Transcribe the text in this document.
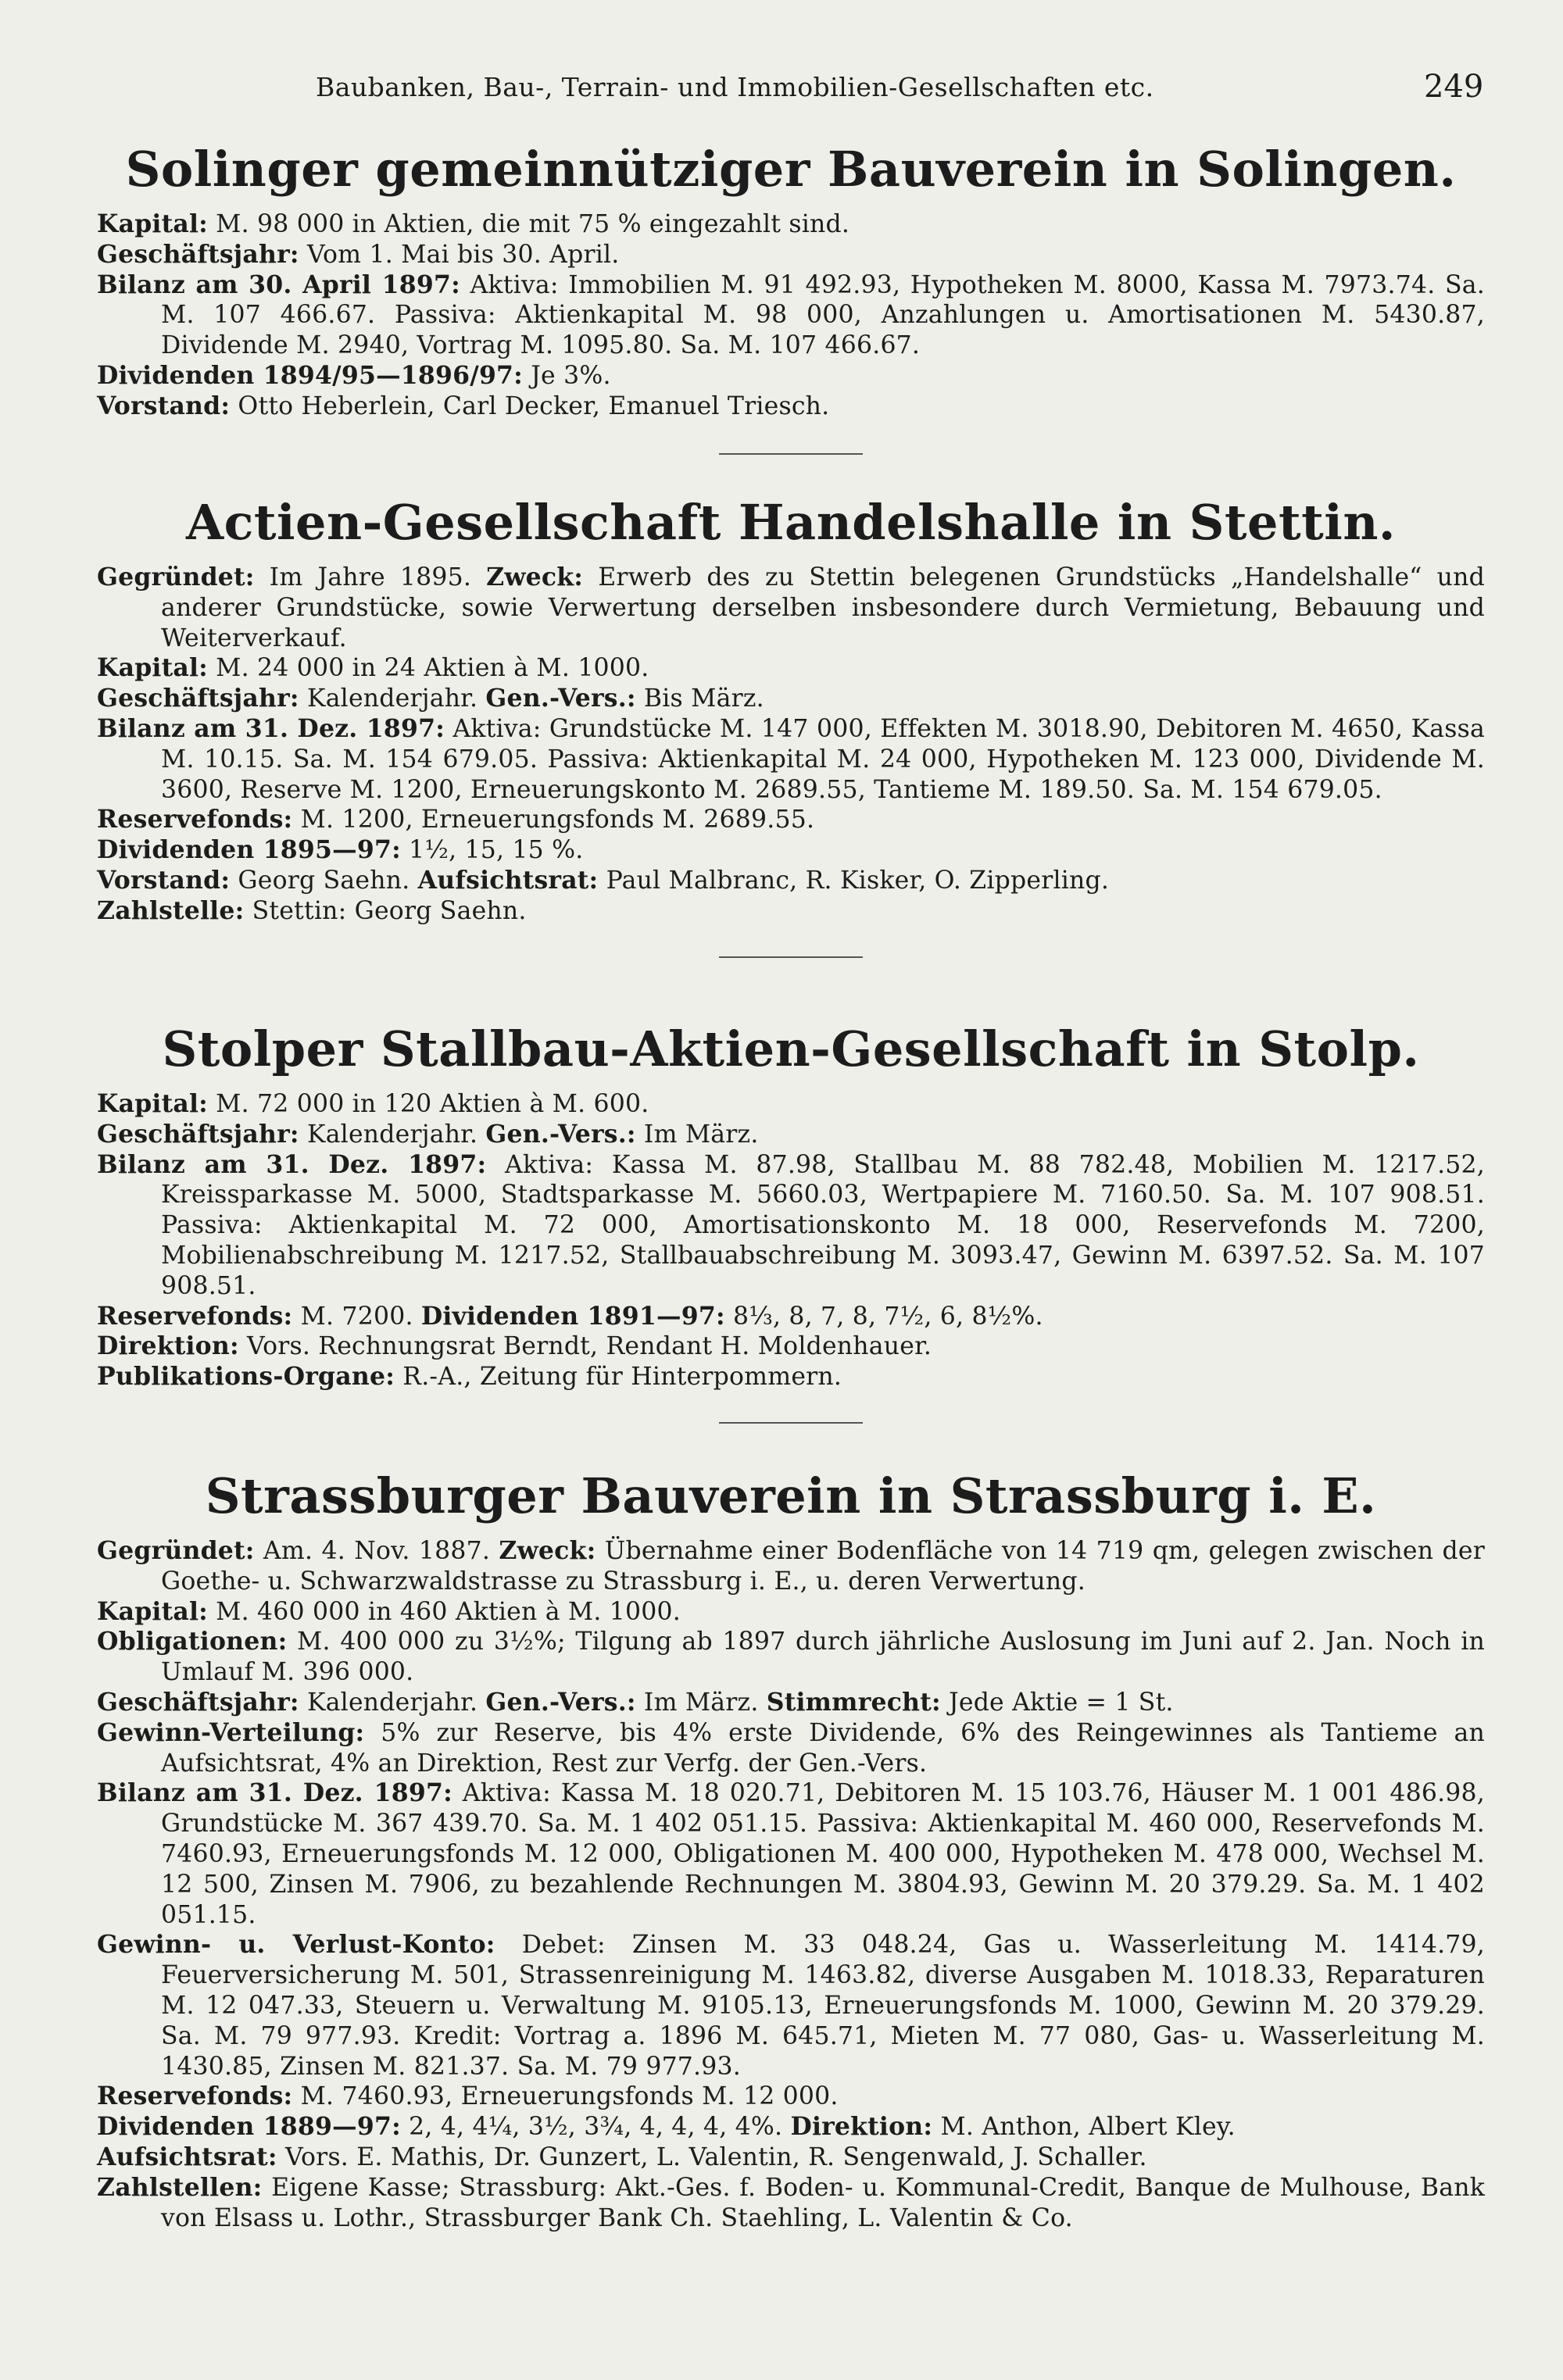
Baubanken, Bau-, Terrain- und Immobilien-Gesellschaften etc.	249
Solinger gemeinnütziger Bauverein in Solingen.
Kapital: M. 98 000 in Aktien, die mit 75 % eingezahlt sind.
Geschäftsjahr: Vom 1. Mai bis 30. April.
Bilanz am 30. April 1897: Aktiva: Immobilien M. 91 492.93, Hypotheken M. 8000, Kassa M. 7973.74. Sa. M. 107 466.67. Passiva: Aktienkapital M. 98 000, Anzahlungen u. Amortisationen M. 5430.87, Dividende M. 2940, Vortrag M. 1095.80. Sa. M. 107 466.67.
Dividenden 1894/95—1896/97: Je 3%.
Vorstand: Otto Heberlein, Carl Decker, Emanuel Triesch.
Actien-Gesellschaft Handelshalle in Stettin.
Gegründet: Im Jahre 1895. Zweck: Erwerb des zu Stettin belegenen Grundstücks „Handelshalle“ und anderer Grundstücke, sowie Verwertung derselben insbesondere durch Vermietung, Bebauung und Weiterverkauf.
Kapital: M. 24 000 in 24 Aktien à M. 1000.
Geschäftsjahr: Kalenderjahr. Gen.-Vers.: Bis März.
Bilanz am 31. Dez. 1897: Aktiva: Grundstücke M. 147 000, Effekten M. 3018.90, Debitoren M. 4650, Kassa M. 10.15. Sa. M. 154 679.05. Passiva: Aktienkapital M. 24 000, Hypotheken M. 123 000, Dividende M. 3600, Reserve M. 1200, Erneuerungskonto M. 2689.55, Tantieme M. 189.50. Sa. M. 154 679.05.
Reservefonds: M. 1200, Erneuerungsfonds M. 2689.55.
Dividenden 1895—97: 1½, 15, 15 %.
Vorstand: Georg Saehn. Aufsichtsrat: Paul Malbranc, R. Kisker, O. Zipperling.
Zahlstelle: Stettin: Georg Saehn.
Stolper Stallbau-Aktien-Gesellschaft in Stolp.
Kapital: M. 72 000 in 120 Aktien à M. 600.
Geschäftsjahr: Kalenderjahr. Gen.-Vers.: Im März.
Bilanz am 31. Dez. 1897: Aktiva: Kassa M. 87.98, Stallbau M. 88 782.48, Mobilien M. 1217.52, Kreissparkasse M. 5000, Stadtsparkasse M. 5660.03, Wertpapiere M. 7160.50. Sa. M. 107 908.51. Passiva: Aktienkapital M. 72 000, Amortisationskonto M. 18 000, Reservefonds M. 7200, Mobilienabschreibung M. 1217.52, Stallbauabschreibung M. 3093.47, Gewinn M. 6397.52. Sa. M. 107 908.51.
Reservefonds: M. 7200. Dividenden 1891—97: 8⅓, 8, 7, 8, 7½, 6, 8½%.
Direktion: Vors. Rechnungsrat Berndt, Rendant H. Moldenhauer.
Publikations-Organe: R.-A., Zeitung für Hinterpommern.
Strassburger Bauverein in Strassburg i. E.
Gegründet: Am. 4. Nov. 1887. Zweck: Übernahme einer Bodenfläche von 14 719 qm, gelegen zwischen der Goethe- u. Schwarzwaldstrasse zu Strassburg i. E., u. deren Verwertung.
Kapital: M. 460 000 in 460 Aktien à M. 1000.
Obligationen: M. 400 000 zu 3½%; Tilgung ab 1897 durch jährliche Auslosung im Juni auf 2. Jan. Noch in Umlauf M. 396 000.
Geschäftsjahr: Kalenderjahr. Gen.-Vers.: Im März. Stimmrecht: Jede Aktie = 1 St.
Gewinn-Verteilung: 5% zur Reserve, bis 4% erste Dividende, 6% des Reingewinnes als Tantieme an Aufsichtsrat, 4% an Direktion, Rest zur Verfg. der Gen.-Vers.
Bilanz am 31. Dez. 1897: Aktiva: Kassa M. 18 020.71, Debitoren M. 15 103.76, Häuser M. 1 001 486.98, Grundstücke M. 367 439.70. Sa. M. 1 402 051.15. Passiva: Aktienkapital M. 460 000, Reservefonds M. 7460.93, Erneuerungsfonds M. 12 000, Obligationen M. 400 000, Hypotheken M. 478 000, Wechsel M. 12 500, Zinsen M. 7906, zu bezahlende Rechnungen M. 3804.93, Gewinn M. 20 379.29. Sa. M. 1 402 051.15.
Gewinn- u. Verlust-Konto: Debet: Zinsen M. 33 048.24, Gas u. Wasserleitung M. 1414.79, Feuerversicherung M. 501, Strassenreinigung M. 1463.82, diverse Ausgaben M. 1018.33, Reparaturen M. 12 047.33, Steuern u. Verwaltung M. 9105.13, Erneuerungsfonds M. 1000, Gewinn M. 20 379.29. Sa. M. 79 977.93. Kredit: Vortrag a. 1896 M. 645.71, Mieten M. 77 080, Gas- u. Wasserleitung M. 1430.85, Zinsen M. 821.37. Sa. M. 79 977.93.
Reservefonds: M. 7460.93, Erneuerungsfonds M. 12 000.
Dividenden 1889—97: 2, 4, 4¼, 3½, 3¾, 4, 4, 4, 4%. Direktion: M. Anthon, Albert Kley.
Aufsichtsrat: Vors. E. Mathis, Dr. Gunzert, L. Valentin, R. Sengenwald, J. Schaller.
Zahlstellen: Eigene Kasse; Strassburg: Akt.-Ges. f. Boden- u. Kommunal-Credit, Banque de Mulhouse, Bank von Elsass u. Lothr., Strassburger Bank Ch. Staehling, L. Valentin & Co.
